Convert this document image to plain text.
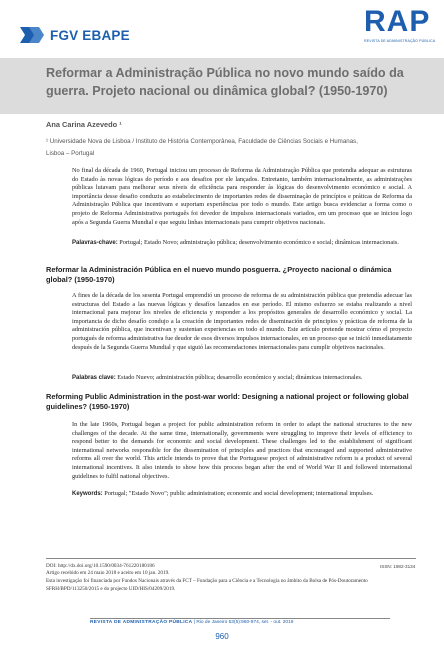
FGV EBAPE	RAP
REVISTA DE ADMINISTRAÇÃO PÚBLICA
Reformar a Administração Pública no novo mundo saído da guerra. Projeto nacional ou dinâmica global? (1950-1970)
Ana Carina Azevedo ¹
¹ Universidade Nova de Lisboa / Instituto de História Contemporânea, Faculdade de Ciências Sociais e Humanas,
Lisboa – Portugal
No final da década de 1960, Portugal iniciou um processo de Reforma da Administração Pública que pretendia adequar as estruturas do Estado às novas lógicas do período e aos desafios por ele lançados. Entretanto, também internacionalmente, as administrações públicas lutavam para melhorar seus níveis de eficiência para responder às lógicas do desenvolvimento económico e social. A importância desse desafio conduziu ao estabelecimento de importantes redes de disseminação de princípios e práticas de Reforma da Administração Pública que incentivam e suportam experiências por todo o mundo. Este artigo busca evidenciar a forma como o projeto de Reforma Administrativa português foi devedor de impulsos internacionais variados, em um processo que se iniciou logo após a Segunda Guerra Mundial e que seguiu linhas internacionais para cumprir objetivos nacionais.
Palavras-chave: Portugal; Estado Novo; administração pública; desenvolvimento económico e social; dinâmicas internacionais.
Reformar la Administración Pública en el nuevo mundo posguerra. ¿Proyecto nacional o dinámica global? (1950-1970)
A fines de la década de los sesenta Portugal emprendió un proceso de reforma de su administración pública que pretendía adecuar las estructuras del Estado a las nuevas lógicas y desafíos lanzados en ese período. El mismo esfuerzo se estaba realizando a nivel internacional para mejorar los niveles de eficiencia y responder a los propósitos generales de desarrollo económico y social. La importancia de dicho desafío condujo a la creación de importantes redes de diseminación de principios y prácticas de reforma de la administración pública, que incentivan y sustentan experiencias en todo el mundo. Este artículo pretende mostrar cómo el proyecto portugués de reforma administrativa fue deudor de esos diversos impulsos internacionales, en un proceso que se inició inmediatamente después de la Segunda Guerra Mundial y que siguió las recomendaciones internacionales para cumplir objetivos nacionales.
Palabras clave: Estado Nuevo; administración pública; desarrollo económico y social; dinámicas internacionales.
Reforming Public Administration in the post-war world: Designing a national project or following global guidelines? (1950-1970)
In the late 1960s, Portugal began a project for public administration reform in order to adapt the national structures to the new challenges of the decade. At the same time, internationally, governments were struggling to improve their levels of efficiency to respond better to the demands for economic and social development. These challenges led to the establishment of significant international networks responsible for the dissemination of principles and practices that encouraged and supported administrative reforms all over the world. This article intends to prove that the Portuguese project of administrative reform is a product of several international incentives. It also intends to show how this process began after the end of World War II and followed international guidelines to fulfil national objectives.
Keywords: Portugal; "Estado Novo"; public administration; economic and social development; international impulses.
DOI: http://dx.doi.org/10.1590/0034-761220180186	ISSN: 1982-3134
Artigo recebido em 24 maio 2018 e aceito em 10 jan. 2019.
Esta investigação foi financiada por Fundos Nacionais através da FCT – Fundação para a Ciência e a Tecnologia no âmbito da Bolsa de Pós-Doutoramento SFRH/BPD/113250/2015 e do projecto UID/HIS/04209/2019.
REVISTA DE ADMINISTRAÇÃO PÚBLICA | Rio de Janeiro 53(5):960-974, set. - out. 2019
960
